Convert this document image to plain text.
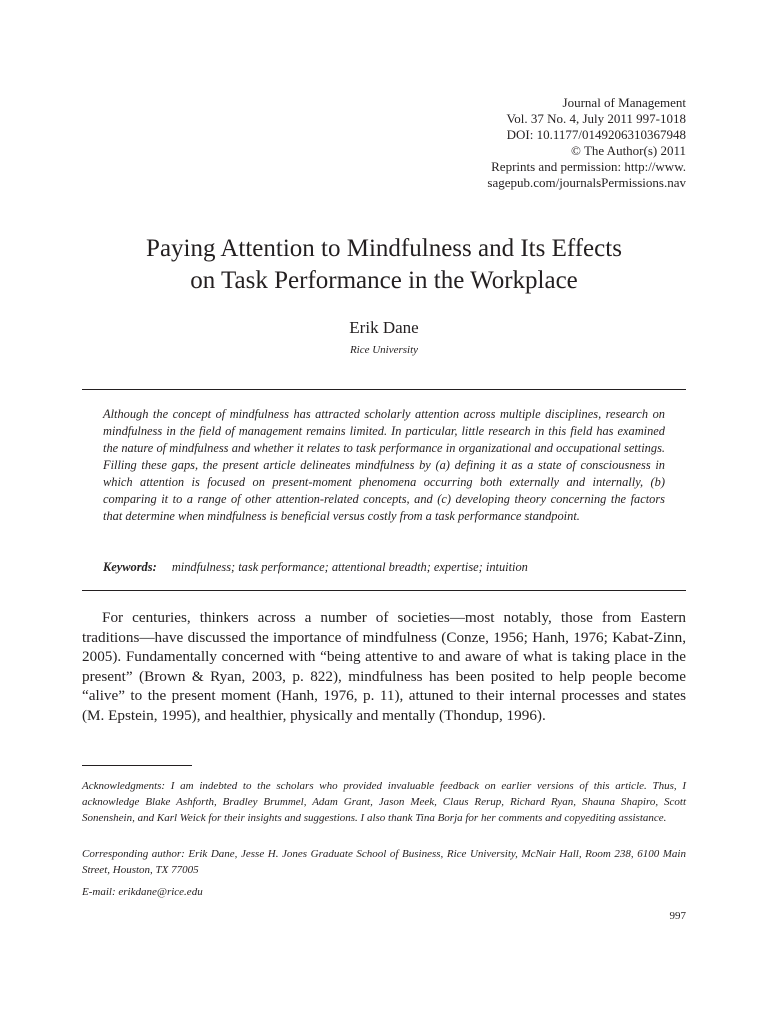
Journal of Management
Vol. 37 No. 4, July 2011 997-1018
DOI: 10.1177/0149206310367948
© The Author(s) 2011
Reprints and permission: http://www.
sagepub.com/journalsPermissions.nav
Paying Attention to Mindfulness and Its Effects
on Task Performance in the Workplace
Erik Dane
Rice University

Although the concept of mindfulness has attracted scholarly attention across multiple disciplines, research on mindfulness in the field of management remains limited. In particular, little research in this field has examined the nature of mindfulness and whether it relates to task performance in organizational and occupational settings. Filling these gaps, the present article delineates mindfulness by (a) defining it as a state of consciousness in which attention is focused on present-moment phenomena occurring both externally and internally, (b) comparing it to a range of other attention-related concepts, and (c) developing theory concerning the factors that determine when mindfulness is beneficial versus costly from a task performance standpoint.

Keywords: mindfulness; task performance; attentional breadth; expertise; intuition

For centuries, thinkers across a number of societies—most notably, those from Eastern traditions—have discussed the importance of mindfulness (Conze, 1956; Hanh, 1976; Kabat-Zinn, 2005). Fundamentally concerned with “being attentive to and aware of what is taking place in the present” (Brown & Ryan, 2003, p. 822), mindfulness has been posited to help people become “alive” to the present moment (Hanh, 1976, p. 11), attuned to their internal processes and states (M. Epstein, 1995), and healthier, physically and mentally (Thondup, 1996).

Acknowledgments: I am indebted to the scholars who provided invaluable feedback on earlier versions of this article. Thus, I acknowledge Blake Ashforth, Bradley Brummel, Adam Grant, Jason Meek, Claus Rerup, Richard Ryan, Shauna Shapiro, Scott Sonenshein, and Karl Weick for their insights and suggestions. I also thank Tina Borja for her comments and copyediting assistance.

Corresponding author: Erik Dane, Jesse H. Jones Graduate School of Business, Rice University, McNair Hall, Room 238, 6100 Main Street, Houston, TX 77005

E-mail: erikdane@rice.edu

997
